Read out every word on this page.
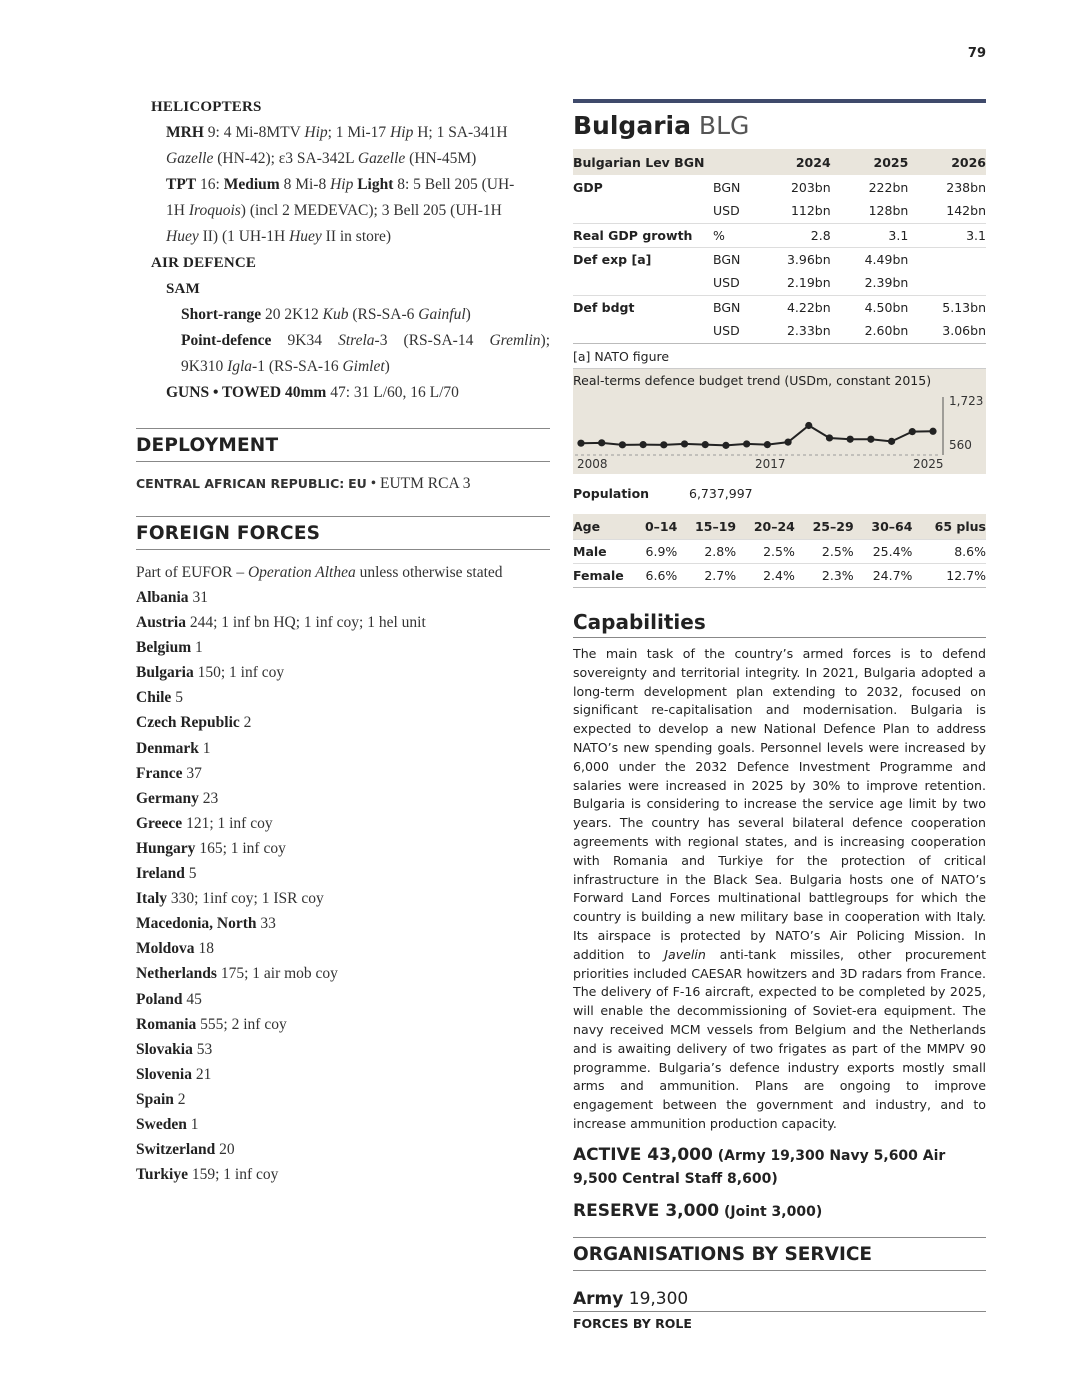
79
HELICOPTERS
MRH 9: 4 Mi-8MTV Hip; 1 Mi-17 Hip H; 1 SA-341H
Gazelle (HN-42); ε3 SA-342L Gazelle (HN-45M)
TPT 16: Medium 8 Mi-8 Hip Light 8: 5 Bell 205 (UH-
1H Iroquois) (incl 2 MEDEVAC); 3 Bell 205 (UH-1H
Huey II) (1 UH-1H Huey II in store)
AIR DEFENCE
SAM
Short-range 20 2K12 Kub (RS-SA-6 Gainful)
Point-defence 9K34 Strela-3 (RS-SA-14 Gremlin);
9K310 Igla-1 (RS-SA-16 Gimlet)
GUNS • TOWED 40mm 47: 31 L/60, 16 L/70
DEPLOYMENT
CENTRAL AFRICAN REPUBLIC: EU • EUTM RCA 3
FOREIGN FORCES
Part of EUFOR – Operation Althea unless otherwise stated
Albania 31
Austria 244; 1 inf bn HQ; 1 inf coy; 1 hel unit
Belgium 1
Bulgaria 150; 1 inf coy
Chile 5
Czech Republic 2
Denmark 1
France 37
Germany 23
Greece 121; 1 inf coy
Hungary 165; 1 inf coy
Ireland 5
Italy 330; 1inf coy; 1 ISR coy
Macedonia, North 33
Moldova 18
Netherlands 175; 1 air mob coy
Poland 45
Romania 555; 2 inf coy
Slovakia 53
Slovenia 21
Spain 2
Sweden 1
Switzerland 20
Turkiye 159; 1 inf coy
Bulgaria BLG
Bulgarian Lev BGN		2024	2025	2026
GDP	BGN	203bn	222bn	238bn
	USD	112bn	128bn	142bn
Real GDP growth	%	2.8	3.1	3.1
Def exp [a]	BGN	3.96bn	4.49bn	
	USD	2.19bn	2.39bn	
Def bdgt	BGN	4.22bn	4.50bn	5.13bn
	USD	2.33bn	2.60bn	3.06bn
[a] NATO figure
Real-terms defence budget trend (USDm, constant 2015)
1,723
560
2008	2017	2025
Population	6,737,997
Age	0–14	15–19	20–24	25–29	30–64	65 plus
Male	6.9%	2.8%	2.5%	2.5%	25.4%	8.6%
Female	6.6%	2.7%	2.4%	2.3%	24.7%	12.7%
Capabilities
The main task of the country’s armed forces is to defend sovereignty and territorial integrity. In 2021, Bulgaria adopted a long-term development plan extending to 2032, focused on significant re-capitalisation and modernisation. Bulgaria is expected to develop a new National Defence Plan to address NATO’s new spending goals. Personnel levels were increased by 6,000 under the 2032 Defence Investment Programme and salaries were increased in 2025 by 30% to improve retention. Bulgaria is considering to increase the service age limit by two years. The country has several bilateral defence cooperation agreements with regional states, and is increasing cooperation with Romania and Turkiye for the protection of critical infrastructure in the Black Sea. Bulgaria hosts one of NATO’s Forward Land Forces multinational battlegroups for which the country is building a new military base in cooperation with Italy. Its airspace is protected by NATO’s Air Policing Mission. In addition to Javelin anti-tank missiles, other procurement priorities included CAESAR howitzers and 3D radars from France. The delivery of F-16 aircraft, expected to be completed by 2025, will enable the decommissioning of Soviet-era equipment. The navy received MCM vessels from Belgium and the Netherlands and is awaiting delivery of two frigates as part of the MMPV 90 programme. Bulgaria’s defence industry exports mostly small arms and ammunition. Plans are ongoing to improve engagement between the government and industry, and to increase ammunition production capacity.
ACTIVE 43,000 (Army 19,300 Navy 5,600 Air 9,500 Central Staff 8,600)
RESERVE 3,000 (Joint 3,000)
ORGANISATIONS BY SERVICE
Army 19,300
FORCES BY ROLE
